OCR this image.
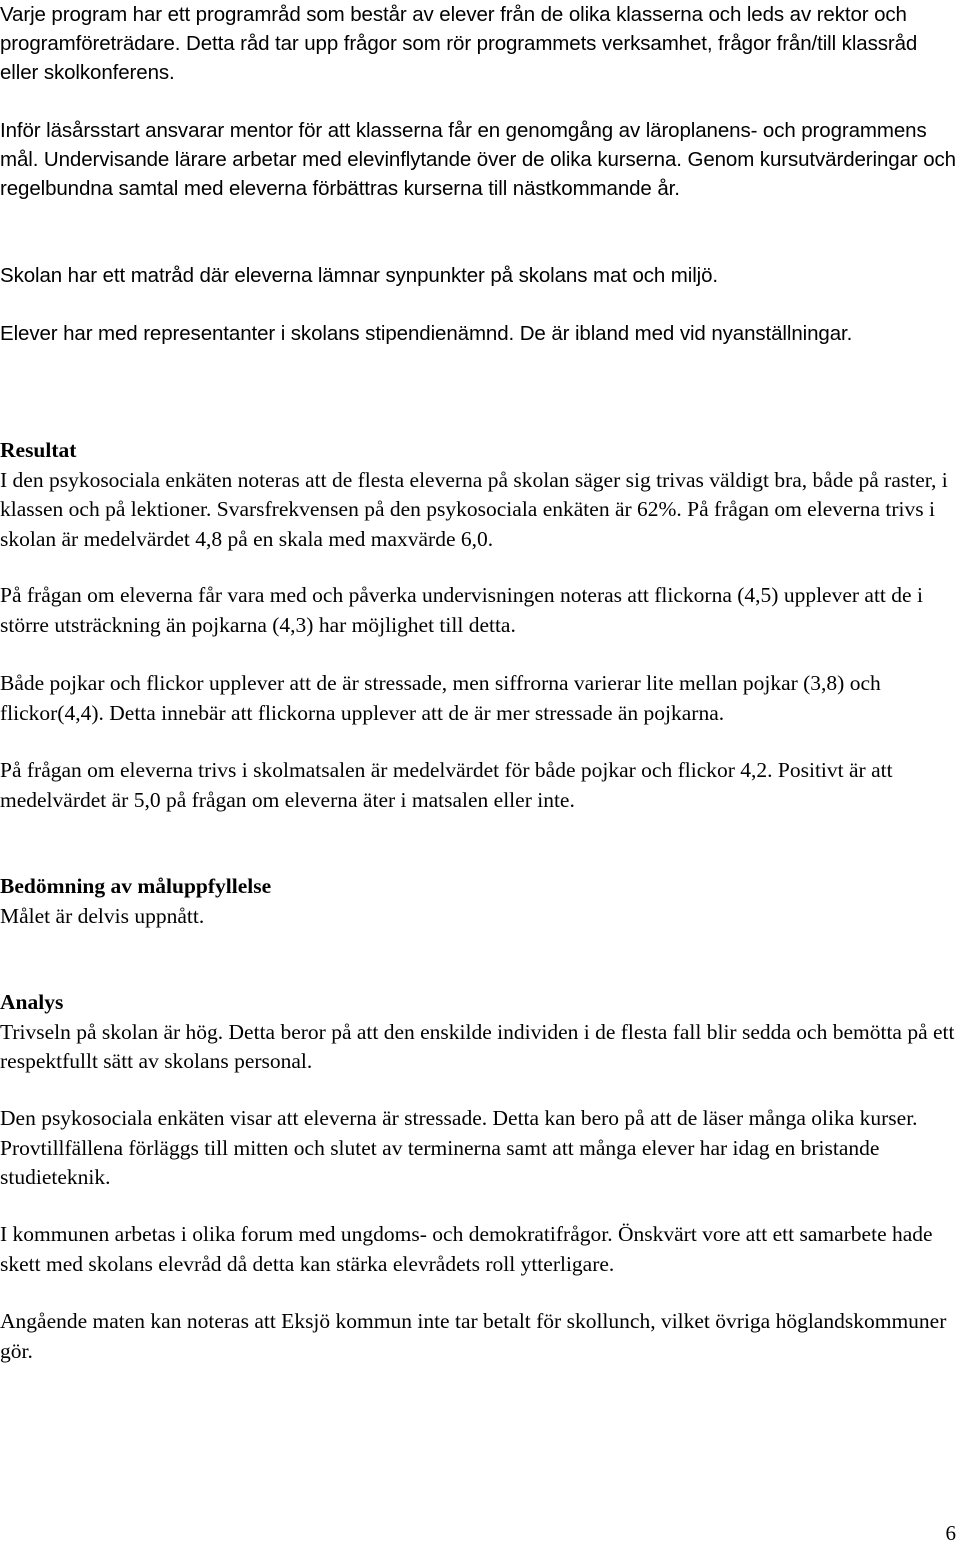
Varje program har ett programråd som består av elever från de olika klasserna och leds av rektor och programföreträdare. Detta råd tar upp frågor som rör programmets verksamhet, frågor från/till klassråd eller skolkonferens.

Inför läsårsstart ansvarar mentor för att klasserna får en genomgång av läroplanens- och programmens mål. Undervisande lärare arbetar med elevinflytande över de olika kurserna. Genom kursutvärderingar och regelbundna samtal med eleverna förbättras kurserna till nästkommande år.

Skolan har ett matråd där eleverna lämnar synpunkter på skolans mat och miljö.

Elever har med representanter i skolans stipendienämnd. De är ibland med vid nyanställningar.

Resultat
I den psykosociala enkäten noteras att de flesta eleverna på skolan säger sig trivas väldigt bra, både på raster, i klassen och på lektioner. Svarsfrekvensen på den psykosociala enkäten är 62%. På frågan om eleverna trivs i skolan är medelvärdet 4,8 på en skala med maxvärde 6,0.

På frågan om eleverna får vara med och påverka undervisningen noteras att flickorna (4,5) upplever att de i större utsträckning än pojkarna (4,3) har möjlighet till detta.

Både pojkar och flickor upplever att de är stressade, men siffrorna varierar lite mellan pojkar (3,8) och flickor(4,4). Detta innebär att flickorna upplever att de är mer stressade än pojkarna.

På frågan om eleverna trivs i skolmatsalen är medelvärdet för både pojkar och flickor 4,2. Positivt är att medelvärdet är 5,0 på frågan om eleverna äter i matsalen eller inte.

Bedömning av måluppfyllelse
Målet är delvis uppnått.

Analys
Trivseln på skolan är hög. Detta beror på att den enskilde individen i de flesta fall blir sedda och bemötta på ett respektfullt sätt av skolans personal.

Den psykosociala enkäten visar att eleverna är stressade. Detta kan bero på att de läser många olika kurser. Provtillfällena förläggs till mitten och slutet av terminerna samt att många elever har idag en bristande studieteknik.

I kommunen arbetas i olika forum med ungdoms- och demokratifrågor. Önskvärt vore att ett samarbete hade skett med skolans elevråd då detta kan stärka elevrådets roll ytterligare.

Angående maten kan noteras att Eksjö kommun inte tar betalt för skollunch, vilket övriga höglandskommuner gör.

6
